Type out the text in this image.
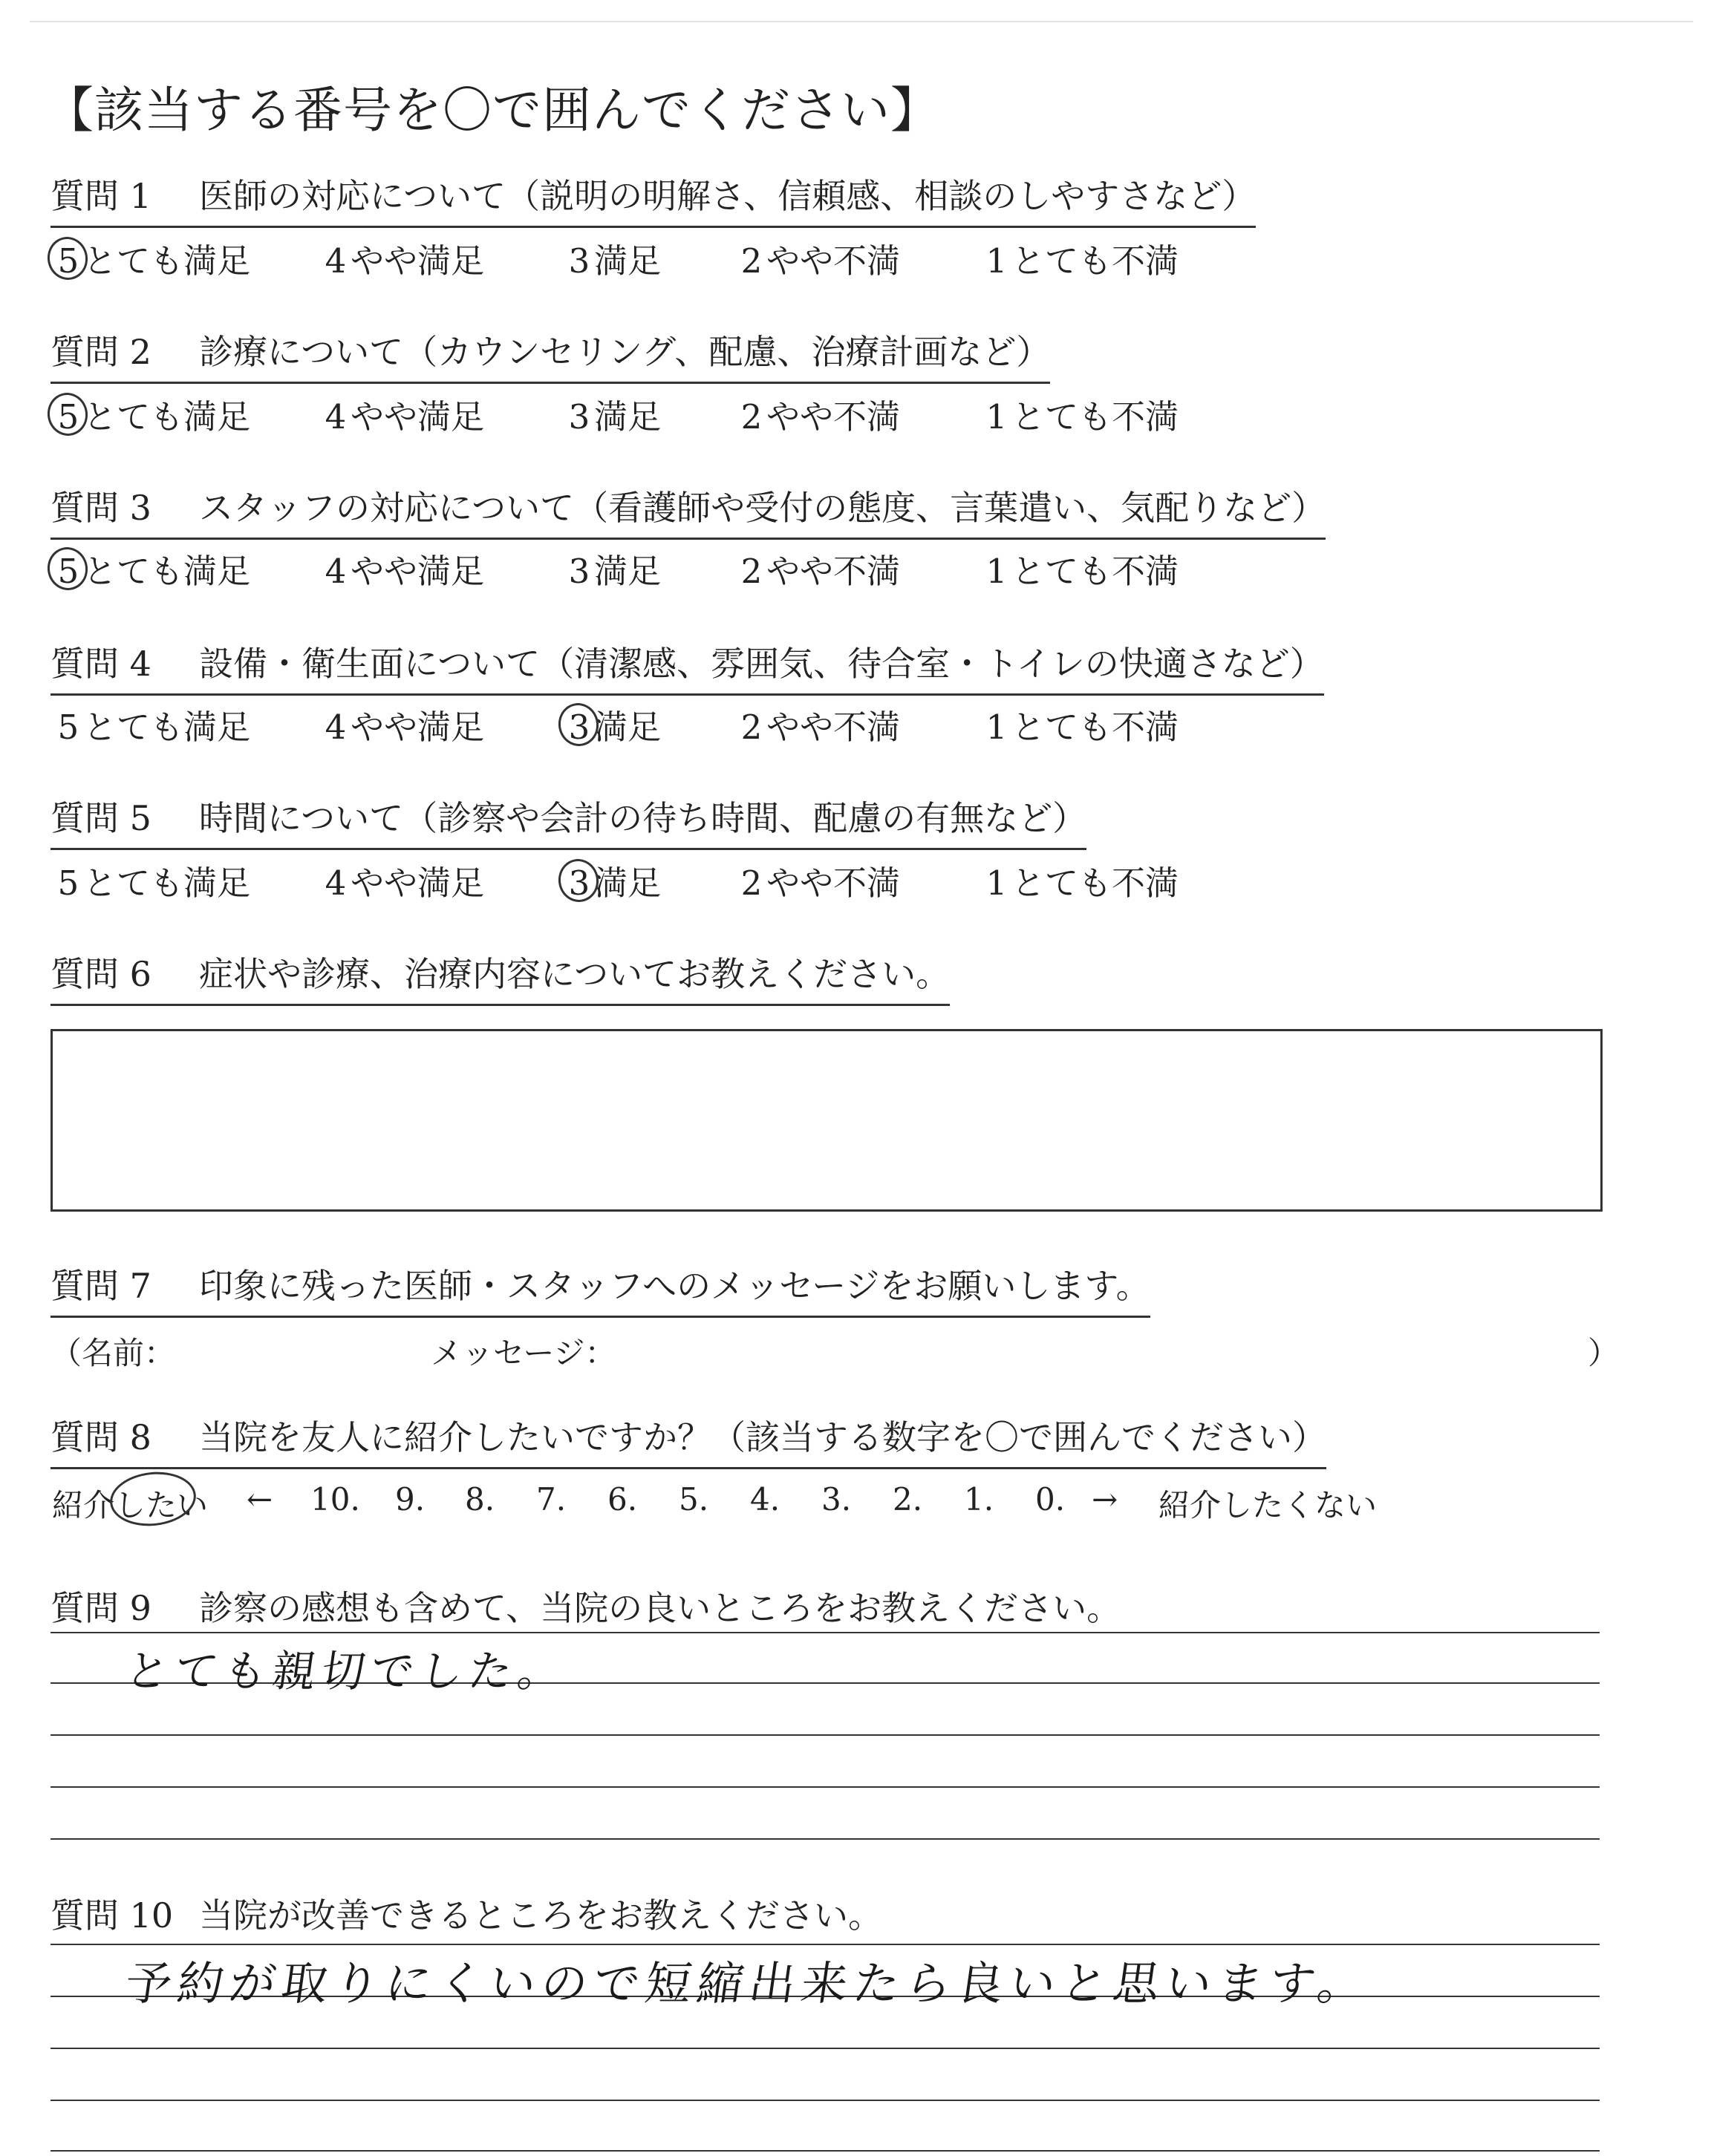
【該当する番号を〇で囲んでください】
質問 1 医師の対応について（説明の明解さ、信頼感、相談のしやすさなど）
5 とても満足 4 やや満足	3 満足 2 やや不満	1 とても不満
質問 2 診療について（カウンセリング、配慮、治療計画など）
5 とても満足 4 やや満足	3 満足 2 やや不満	1 とても不満
質問 3 スタッフの対応について（看護師や受付の態度、言葉遣い、気配りなど）
5 とても満足 4 やや満足	3 満足 2 やや不満	1 とても不満
質問 4 設備・衛生面について（清潔感、雰囲気、待合室・トイレの快適さなど）
5 とても満足 4 やや満足	3 満足 2 やや不満	1 とても不満
質問 5 時間について（診察や会計の待ち時間、配慮の有無など）
5 とても満足 4 やや満足	3 満足 2 やや不満	1 とても不満
質問 6 症状や診療、治療内容についてお教えください。
質問 7 印象に残った医師・スタッフへのメッセージをお願いします。
（名前：	メッセージ：	）
質問 8 当院を友人に紹介したいですか？（該当する数字を〇で囲んでください）
紹介したい ← 10. 9. 8. 7. 6. 5. 4. 3. 2. 1. 0. → 紹介したくない
質問 9 診察の感想も含めて、当院の良いところをお教えください。
とても親切でした。
質問 10 当院が改善できるところをお教えください。
予約が取りにくいので短縮出来たら良いと思います。
